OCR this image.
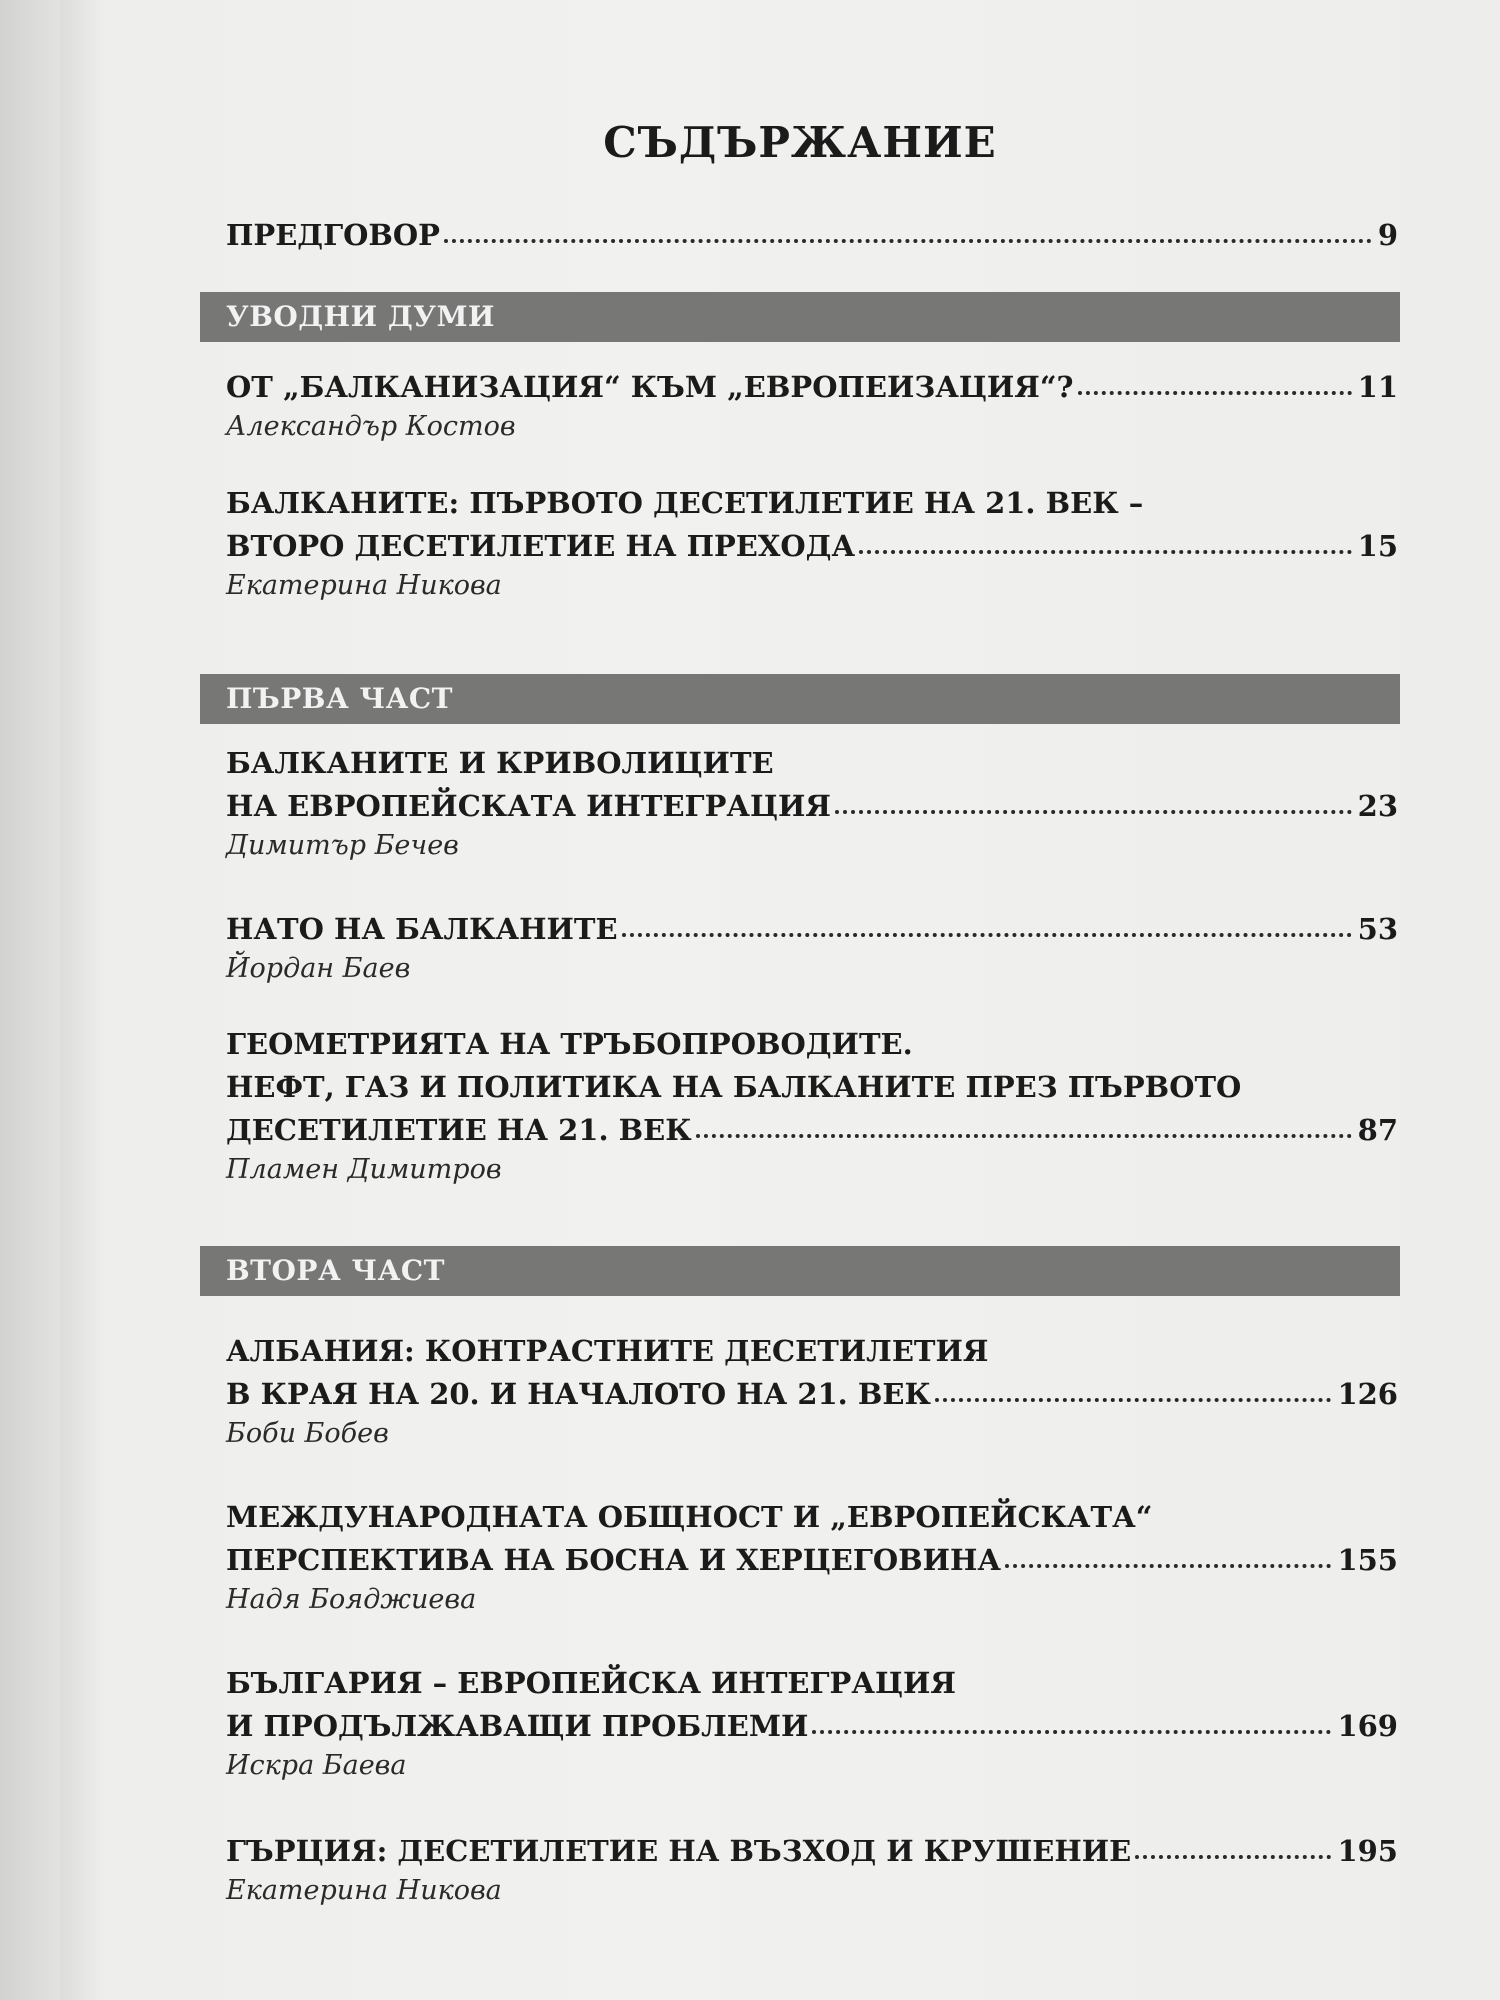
СЪДЪРЖАНИЕ
ПРЕДГОВОР	9
УВОДНИ ДУМИ
ОТ „БАЛКАНИЗАЦИЯ“ КЪМ „ЕВРОПЕИЗАЦИЯ“?	11
Александър Костов
БАЛКАНИТЕ: ПЪРВОТО ДЕСЕТИЛЕТИЕ НА 21. ВЕК –
ВТОРО ДЕСЕТИЛЕТИЕ НА ПРЕХОДА	15
Екатерина Никова
ПЪРВА ЧАСТ
БАЛКАНИТЕ И КРИВОЛИЦИТЕ
НА ЕВРОПЕЙСКАТА ИНТЕГРАЦИЯ	23
Димитър Бечев
НАТО НА БАЛКАНИТЕ	53
Йордан Баев
ГЕОМЕТРИЯТА НА ТРЪБОПРОВОДИТЕ.
НЕФТ, ГАЗ И ПОЛИТИКА НА БАЛКАНИТЕ ПРЕЗ ПЪРВОТО
ДЕСЕТИЛЕТИЕ НА 21. ВЕК	87
Пламен Димитров
ВТОРА ЧАСТ
АЛБАНИЯ: КОНТРАСТНИТЕ ДЕСЕТИЛЕТИЯ
В КРАЯ НА 20. И НАЧАЛОТО НА 21. ВЕК	126
Боби Бобев
МЕЖДУНАРОДНАТА ОБЩНОСТ И „ЕВРОПЕЙСКАТА“
ПЕРСПЕКТИВА НА БОСНА И ХЕРЦЕГОВИНА	155
Надя Бояджиева
БЪЛГАРИЯ – ЕВРОПЕЙСКА ИНТЕГРАЦИЯ
И ПРОДЪЛЖАВАЩИ ПРОБЛЕМИ	169
Искра Баева
ГЪРЦИЯ: ДЕСЕТИЛЕТИЕ НА ВЪЗХОД И КРУШЕНИЕ	195
Екатерина Никова
